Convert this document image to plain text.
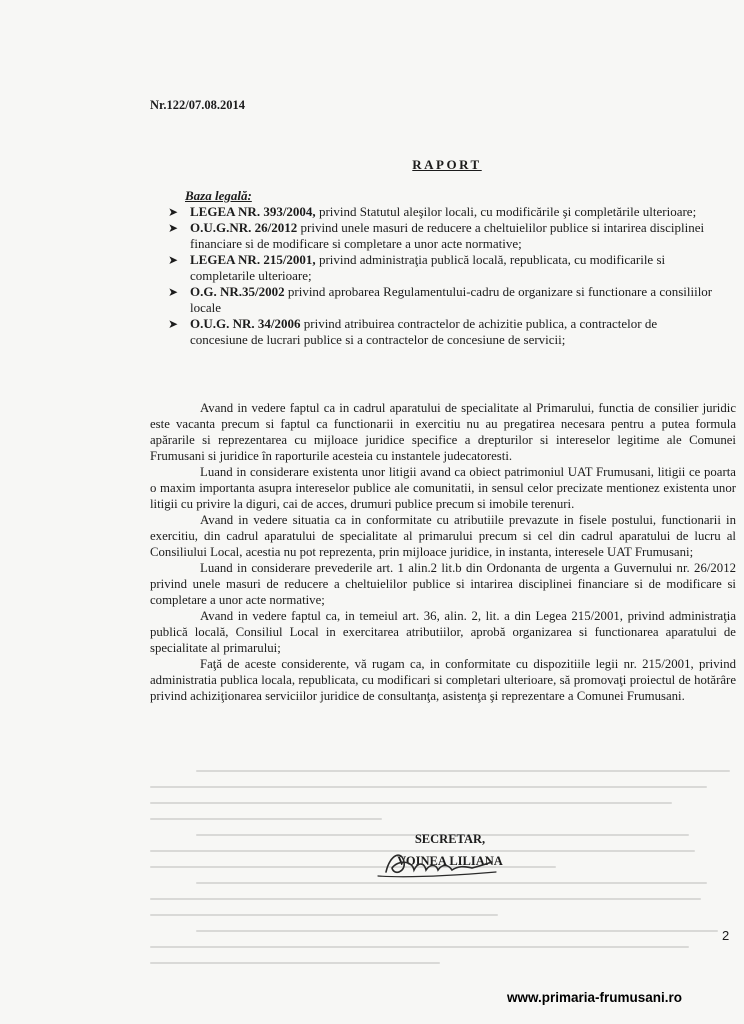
Nr.122/07.08.2014
RAPORT
Baza legală:
➤ LEGEA NR. 393/2004, privind Statutul aleşilor locali, cu modificările şi completările ulterioare;
➤ O.U.G.NR. 26/2012 privind unele masuri de reducere a cheltuielilor publice si intarirea disciplinei financiare si de modificare si completare a unor acte normative;
➤ LEGEA NR. 215/2001, privind administraţia publică locală, republicata, cu modificarile si completarile ulterioare;
➤ O.G. NR.35/2002 privind aprobarea Regulamentului-cadru de organizare si functionare a consiliilor locale
➤ O.U.G. NR. 34/2006 privind atribuirea contractelor de achizitie publica, a contractelor de concesiune de lucrari publice si a contractelor de concesiune de servicii;

Avand in vedere faptul ca in cadrul aparatului de specialitate al Primarului, functia de consilier juridic este vacanta precum si faptul ca functionarii in exercitiu nu au pregatirea necesara pentru a putea formula apărarile si reprezentarea cu mijloace juridice specifice a drepturilor si intereselor legitime ale Comunei Frumusani si juridice în raporturile acesteia cu instantele judecatoresti.

Luand in considerare existenta unor litigii avand ca obiect patrimoniul UAT Frumusani, litigii ce poarta o maxim importanta asupra intereselor publice ale comunitatii, in sensul celor precizate mentionez existenta unor litigii cu privire la diguri, cai de acces, drumuri publice precum si imobile terenuri.

Avand in vedere situatia ca in conformitate cu atributiile prevazute in fisele postului, functionarii in exercitiu, din cadrul aparatului de specialitate al primarului precum si cel din cadrul aparatului de lucru al Consiliului Local, acestia nu pot reprezenta, prin mijloace juridice, in instanta, interesele UAT Frumusani;

Luand in considerare prevederile art. 1 alin.2 lit.b din Ordonanta de urgenta a Guvernului nr. 26/2012 privind unele masuri de reducere a cheltuielilor publice si intarirea disciplinei financiare si de modificare si completare a unor acte normative;

Avand in vedere faptul ca, in temeiul art. 36, alin. 2, lit. a din Legea 215/2001, privind administraţia publică locală, Consiliul Local in exercitarea atributiilor, aprobă organizarea si functionarea aparatului de specialitate al primarului;

Faţă de aceste considerente, vă rugam ca, in conformitate cu dispozitiile legii nr. 215/2001, privind administratia publica locala, republicata, cu modificari si completari ulterioare, să promovaţi proiectul de hotărâre privind achiziţionarea serviciilor juridice de consultanţa, asistenţa şi reprezentare a Comunei Frumusani.

SECRETAR,
VOINEA LILIANA
2
www.primaria-frumusani.ro
